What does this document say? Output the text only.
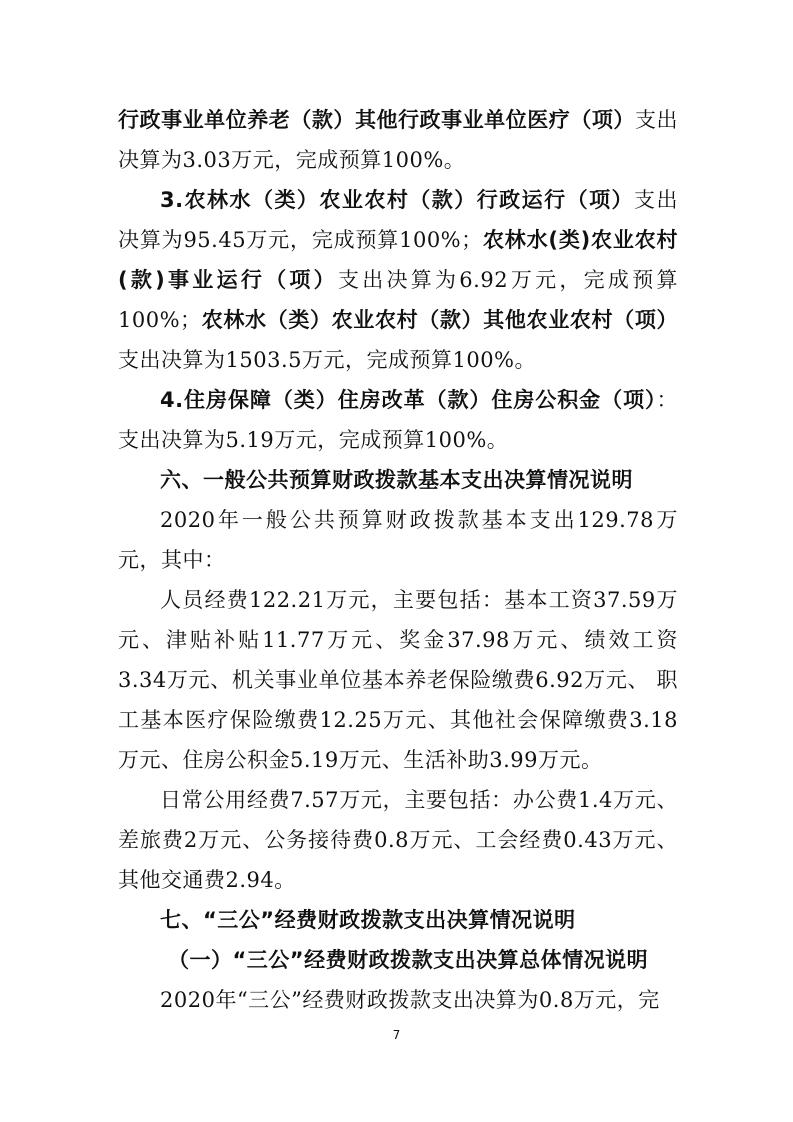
行政事业单位养老（款）其他行政事业单位医疗（项）支出决算为3.03万元，完成预算100%。

3.农林水（类）农业农村（款）行政运行（项）支出决算为95.45万元，完成预算100%；农林水(类)农业农村(款)事业运行（项）支出决算为6.92万元，完成预算100%；农林水（类）农业农村（款）其他农业农村（项）支出决算为1503.5万元，完成预算100%。

4.住房保障（类）住房改革（款）住房公积金（项）：支出决算为5.19万元，完成预算100%。

六、一般公共预算财政拨款基本支出决算情况说明

2020年一般公共预算财政拨款基本支出129.78万元，其中：

人员经费122.21万元，主要包括：基本工资37.59万元、津贴补贴11.77万元、奖金37.98万元、绩效工资3.34万元、机关事业单位基本养老保险缴费6.92万元、 职工基本医疗保险缴费12.25万元、其他社会保障缴费3.18万元、住房公积金5.19万元、生活补助3.99万元。

日常公用经费7.57万元，主要包括：办公费1.4万元、差旅费2万元、公务接待费0.8万元、工会经费0.43万元、其他交通费2.94。

七、“三公”经费财政拨款支出决算情况说明

（一）“三公”经费财政拨款支出决算总体情况说明

2020年“三公”经费财政拨款支出决算为0.8万元，完

7
